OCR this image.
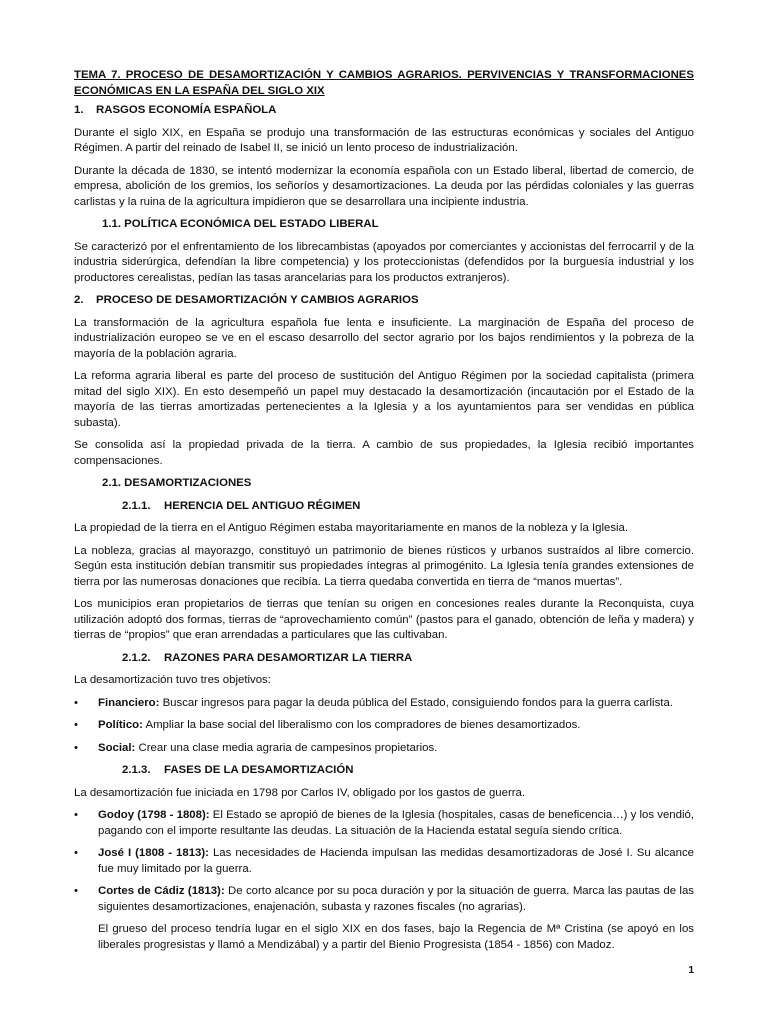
TEMA 7. PROCESO DE DESAMORTIZACIÓN Y CAMBIOS AGRARIOS. PERVIVENCIAS Y TRANSFORMACIONES ECONÓMICAS EN LA ESPAÑA DEL SIGLO XIX
1.	RASGOS ECONOMÍA ESPAÑOLA

Durante el siglo XIX, en España se produjo una transformación de las estructuras económicas y sociales del Antiguo Régimen. A partir del reinado de Isabel II, se inició un lento proceso de industrialización.

Durante la década de 1830, se intentó modernizar la economía española con un Estado liberal, libertad de comercio, de empresa, abolición de los gremios, los señoríos y desamortizaciones. La deuda por las pérdidas coloniales y las guerras carlistas y la ruina de la agricultura impidieron que se desarrollara una incipiente industria.

1.1. POLÍTICA ECONÓMICA DEL ESTADO LIBERAL

Se caracterizó por el enfrentamiento de los librecambistas (apoyados por comerciantes y accionistas del ferrocarril y de la industria siderúrgica, defendían la libre competencia) y los proteccionistas (defendidos por la burguesía industrial y los productores cerealistas, pedían las tasas arancelarias para los productos extranjeros).

2.	PROCESO DE DESAMORTIZACIÓN Y CAMBIOS AGRARIOS

La transformación de la agricultura española fue lenta e insuficiente. La marginación de España del proceso de industrialización europeo se ve en el escaso desarrollo del sector agrario por los bajos rendimientos y la pobreza de la mayoría de la población agraria.

La reforma agraria liberal es parte del proceso de sustitución del Antiguo Régimen por la sociedad capitalista (primera mitad del siglo XIX). En esto desempeñó un papel muy destacado la desamortización (incautación por el Estado de la mayoría de las tierras amortizadas pertenecientes a la Iglesia y a los ayuntamientos para ser vendidas en pública subasta).

Se consolida así la propiedad privada de la tierra. A cambio de sus propiedades, la Iglesia recibió importantes compensaciones.

2.1. DESAMORTIZACIONES
2.1.1.	HERENCIA DEL ANTIGUO RÉGIMEN

La propiedad de la tierra en el Antiguo Régimen estaba mayoritariamente en manos de la nobleza y la Iglesia.

La nobleza, gracias al mayorazgo, constituyó un patrimonio de bienes rústicos y urbanos sustraídos al libre comercio. Según esta institución debían transmitir sus propiedades íntegras al primogénito. La Iglesia tenía grandes extensiones de tierra por las numerosas donaciones que recibía. La tierra quedaba convertida en tierra de “manos muertas”.

Los municipios eran propietarios de tierras que tenían su origen en concesiones reales durante la Reconquista, cuya utilización adoptó dos formas, tierras de “aprovechamiento común” (pastos para el ganado, obtención de leña y madera) y tierras de “propios” que eran arrendadas a particulares que las cultivaban.

2.1.2.	RAZONES PARA DESAMORTIZAR LA TIERRA

La desamortización tuvo tres objetivos:

• Financiero: Buscar ingresos para pagar la deuda pública del Estado, consiguiendo fondos para la guerra carlista.
• Político: Ampliar la base social del liberalismo con los compradores de bienes desamortizados.
• Social: Crear una clase media agraria de campesinos propietarios.
2.1.3.	FASES DE LA DESAMORTIZACIÓN

La desamortización fue iniciada en 1798 por Carlos IV, obligado por los gastos de guerra.

• Godoy (1798 - 1808): El Estado se apropió de bienes de la Iglesia (hospitales, casas de beneficencia…) y los vendió, pagando con el importe resultante las deudas. La situación de la Hacienda estatal seguía siendo crítica.
• José I (1808 - 1813): Las necesidades de Hacienda impulsan las medidas desamortizadoras de José I. Su alcance fue muy limitado por la guerra.
• Cortes de Cádiz (1813): De corto alcance por su poca duración y por la situación de guerra. Marca las pautas de las siguientes desamortizaciones, enajenación, subasta y razones fiscales (no agrarias).

El grueso del proceso tendría lugar en el siglo XIX en dos fases, bajo la Regencia de Mª Cristina (se apoyó en los liberales progresistas y llamó a Mendizábal) y a partir del Bienio Progresista (1854 - 1856) con Madoz.

1
